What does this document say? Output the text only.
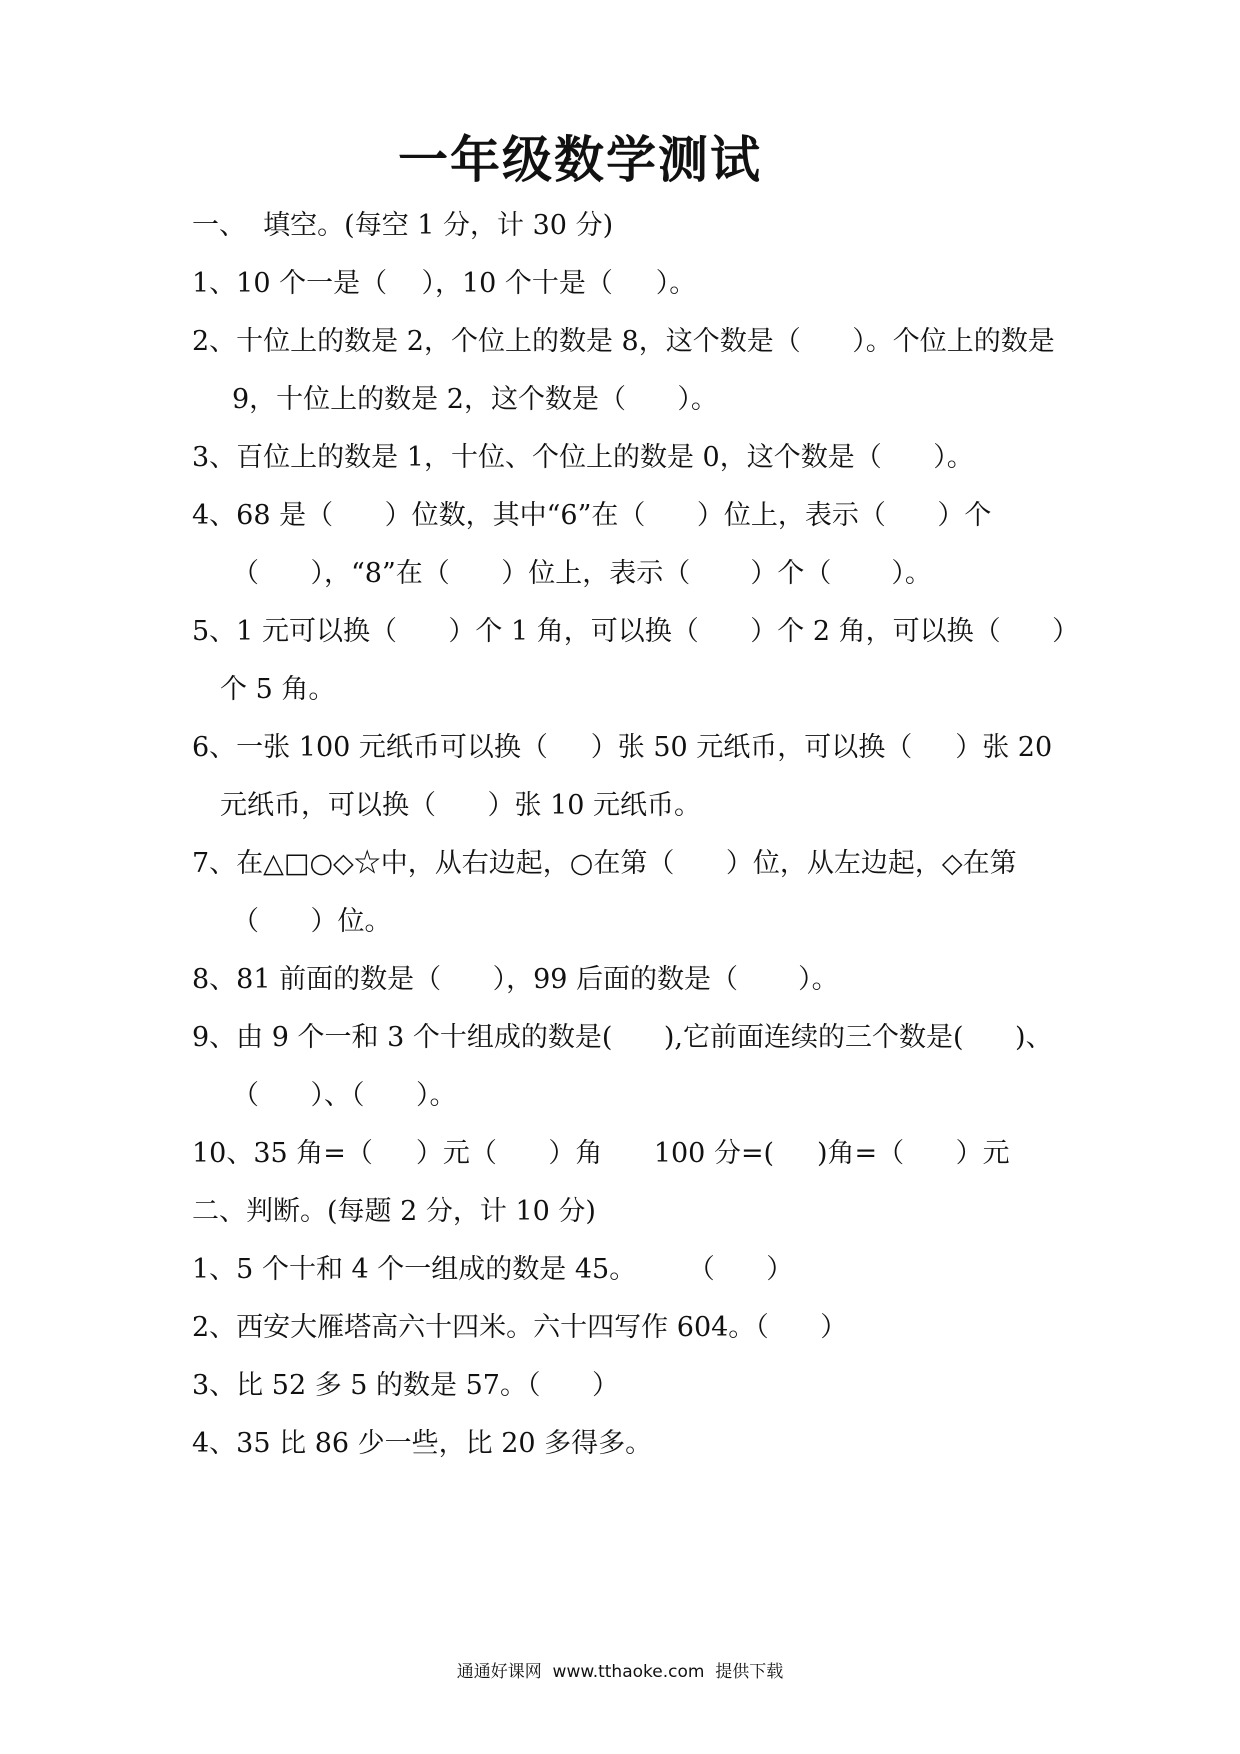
一年级数学测试

一、  填空。(每空 1 分，计 30 分)

1、10 个一是（    ），10 个十是（     ）。

2、十位上的数是 2，个位上的数是 8，这个数是（      ）。个位上的数是

9，十位上的数是 2，这个数是（      ）。

3、百位上的数是 1，十位、个位上的数是 0，这个数是（      ）。

4、68 是（      ）位数，其中“6”在（      ）位上，表示（      ）个

（      ），“8”在（      ）位上，表示（       ）个（       ）。

5、1 元可以换（      ）个 1 角，可以换（      ）个 2 角，可以换（      ）

个 5 角。

6、一张 100 元纸币可以换（     ）张 50 元纸币，可以换（     ）张 20

元纸币，可以换（      ）张 10 元纸币。

7、在△□○◇☆中，从右边起，○在第（      ）位，从左边起，◇在第

（      ）位。

8、81 前面的数是（      ），99 后面的数是（       ）。

9、由 9 个一和 3 个十组成的数是(      ),它前面连续的三个数是(      )、

（      ）、（      ）。

10、35 角=（     ）元（      ）角      100 分=(     )角=（      ）元

二、判断。(每题 2 分，计 10 分)

1、5 个十和 4 个一组成的数是 45。      （      ）

2、西安大雁塔高六十四米。六十四写作 604。（      ）

3、比 52 多 5 的数是 57。（      ）

4、35 比 86 少一些，比 20 多得多。

通通好课网  www.tthaoke.com  提供下载
